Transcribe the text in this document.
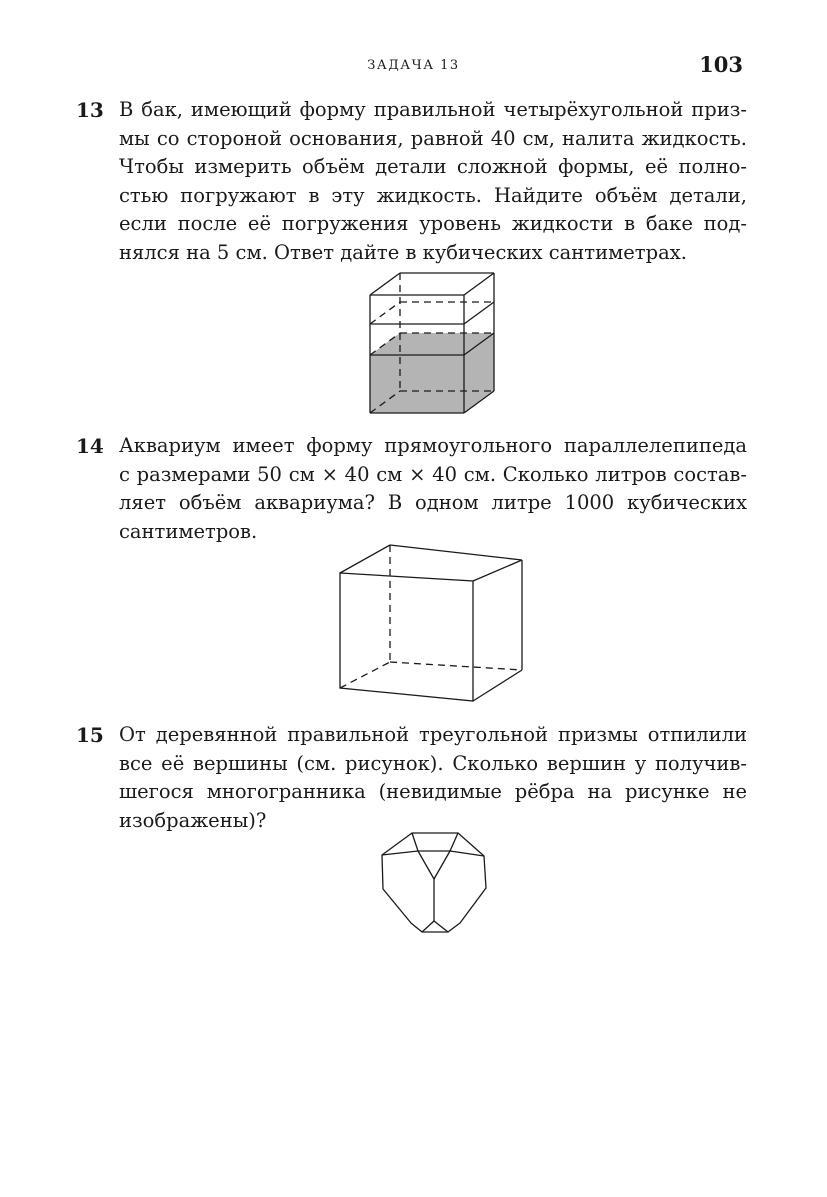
ЗАДАЧА 13	103
13 В бак, имеющий форму правильной четырёхугольной приз-
мы со стороной основания, равной 40 см, налита жидкость.
Чтобы измерить объём детали сложной формы, её полно-
стью погружают в эту жидкость. Найдите объём детали,
если после её погружения уровень жидкости в баке под-
нялся на 5 см. Ответ дайте в кубических сантиметрах.
14 Аквариум имеет форму прямоугольного параллелепипеда
с размерами 50 см × 40 см × 40 см. Сколько литров состав-
ляет объём аквариума? В одном литре 1000 кубических
сантиметров.
15 От деревянной правильной треугольной призмы отпилили
все её вершины (см. рисунок). Сколько вершин у получив-
шегося многогранника (невидимые рёбра на рисунке не
изображены)?
